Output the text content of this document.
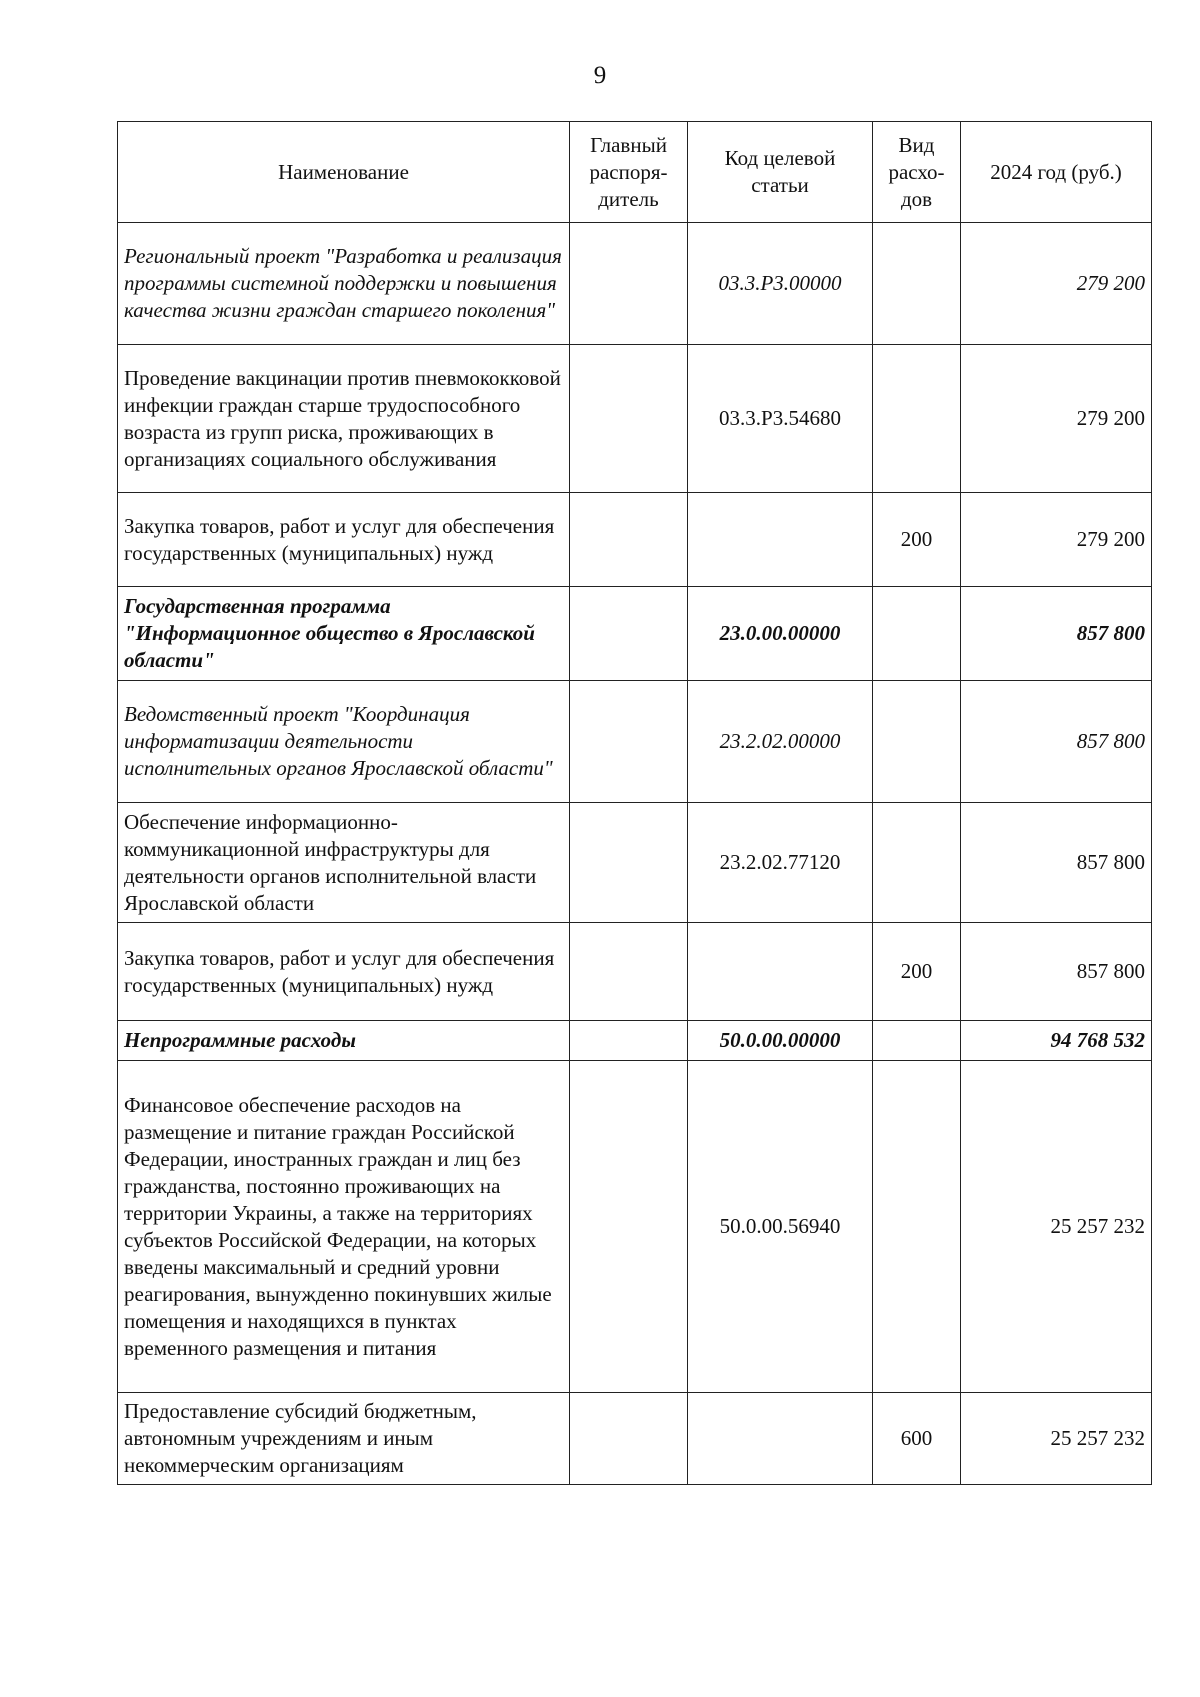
9
Наименование	Главный распоря-дитель	Код целевой статьи	Вид расхо-дов	2024 год (руб.)
Региональный проект "Разработка и реализация программы системной поддержки и повышения качества жизни граждан старшего поколения"		03.3.Р3.00000		279 200
Проведение вакцинации против пневмококковой инфекции граждан старше трудоспособного возраста из групп риска, проживающих в организациях социального обслуживания		03.3.Р3.54680		279 200
Закупка товаров, работ и услуг для обеспечения государственных (муниципальных) нужд			200	279 200
Государственная программа "Информационное общество в Ярославской области"		23.0.00.00000		857 800
Ведомственный проект "Координация информатизации деятельности исполнительных органов Ярославской области"		23.2.02.00000		857 800
Обеспечение информационно-коммуникационной инфраструктуры для деятельности органов исполнительной власти Ярославской области		23.2.02.77120		857 800
Закупка товаров, работ и услуг для обеспечения государственных (муниципальных) нужд			200	857 800
Непрограммные расходы		50.0.00.00000		94 768 532
Финансовое обеспечение расходов на размещение и питание граждан Российской Федерации, иностранных граждан и лиц без гражданства, постоянно проживающих на территории Украины, а также на территориях субъектов Российской Федерации, на которых введены максимальный и средний уровни реагирования, вынужденно покинувших жилые помещения и находящихся в пунктах временного размещения и питания		50.0.00.56940		25 257 232
Предоставление субсидий бюджетным, автономным учреждениям и иным некоммерческим организациям			600	25 257 232
